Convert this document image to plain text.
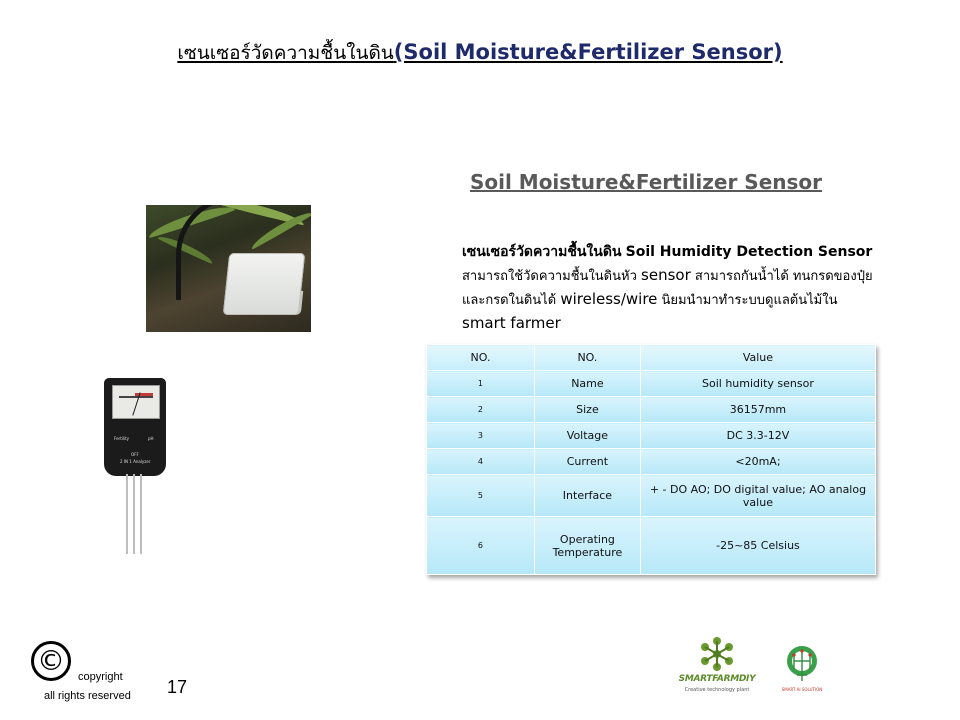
เซนเซอร์วัดความชื้นในดิน(Soil Moisture&Fertilizer Sensor)
Fertility	pH
OFF
2 IN 1 Analyzer
Soil Moisture&Fertilizer Sensor
เซนเซอร์วัดความชื้นในดิน Soil Humidity Detection Sensor
สามารถใช้วัดความชื้นในดินหัว sensor สามารถกันน้ำได้ ทนกรดของปุ๋ย
และกรดในดินได้ wireless/wire นิยมนำมาทำระบบดูแลต้นไม้ใน
smart farmer
NO.	NO.	Value
1	Name	Soil humidity sensor
2	Size	36157mm
3	Voltage	DC 3.3-12V
4	Current	<20mA;
5	Interface	+ - DO AO; DO digital value; AO analog value
6	Operating Temperature	-25~85 Celsius
©	copyright
all rights reserved 17	SMARTFARMDIY
Creative technology plant	SMART AI SOLUTION
